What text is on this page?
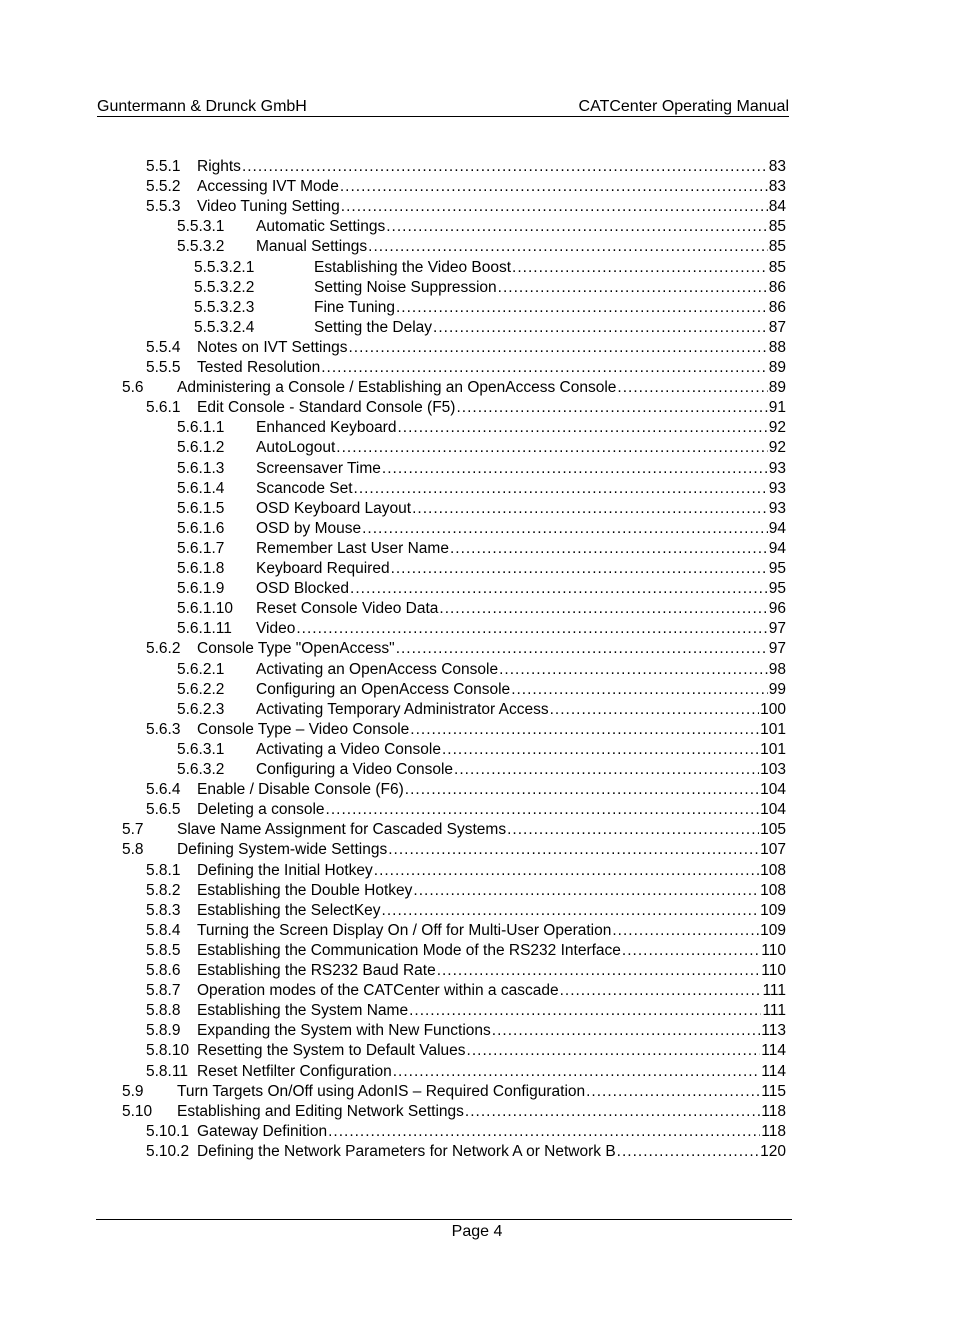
Guntermann & Drunck GmbH	CATCenter Operating Manual
5.5.1	Rights .....	83
5.5.2	Accessing IVT Mode .....	83
5.5.3	Video Tuning Setting .....	84
5.5.3.1	Automatic Settings .....	85
5.5.3.2	Manual Settings .....	85
5.5.3.2.1	Establishing the Video Boost .....	85
5.5.3.2.2	Setting Noise Suppression .....	86
5.5.3.2.3	Fine Tuning .....	86
5.5.3.2.4	Setting the Delay .....	87
5.5.4	Notes on IVT Settings .....	88
5.5.5	Tested Resolution .....	89
5.6	Administering a Console / Establishing an OpenAccess Console .....	89
5.6.1	Edit Console - Standard Console (F5) .....	91
5.6.1.1	Enhanced Keyboard .....	92
5.6.1.2	AutoLogout .....	92
5.6.1.3	Screensaver Time .....	93
5.6.1.4	Scancode Set .....	93
5.6.1.5	OSD Keyboard Layout .....	93
5.6.1.6	OSD by Mouse .....	94
5.6.1.7	Remember Last User Name .....	94
5.6.1.8	Keyboard Required .....	95
5.6.1.9	OSD Blocked .....	95
5.6.1.10	Reset Console Video Data .....	96
5.6.1.11	Video .....	97
5.6.2	Console Type "OpenAccess" .....	97
5.6.2.1	Activating an OpenAccess Console .....	98
5.6.2.2	Configuring an OpenAccess Console .....	99
5.6.2.3	Activating Temporary Administrator Access .....	100
5.6.3	Console Type – Video Console .....	101
5.6.3.1	Activating a Video Console .....	101
5.6.3.2	Configuring a Video Console .....	103
5.6.4	Enable / Disable Console (F6) .....	104
5.6.5	Deleting a console .....	104
5.7	Slave Name Assignment for Cascaded Systems .....	105
5.8	Defining System-wide Settings .....	107
5.8.1	Defining the Initial Hotkey .....	108
5.8.2	Establishing the Double Hotkey .....	108
5.8.3	Establishing the SelectKey .....	109
5.8.4	Turning the Screen Display On / Off for Multi-User Operation .....	109
5.8.5	Establishing the Communication Mode of the RS232 Interface .....	110
5.8.6	Establishing the RS232 Baud Rate .....	110
5.8.7	Operation modes of the CATCenter within a cascade .....	111
5.8.8	Establishing the System Name .....	111
5.8.9	Expanding the System with New Functions .....	113
5.8.10 Resetting the System to Default Values .....	114
5.8.11 Reset Netfilter Configuration .....	114
5.9	Turn Targets On/Off using AdonIS – Required Configuration .....	115
5.10	Establishing and Editing Network Settings .....	118
5.10.1 Gateway Definition .....	118
5.10.2 Defining the Network Parameters for Network A or Network B .....	120
Page 4
